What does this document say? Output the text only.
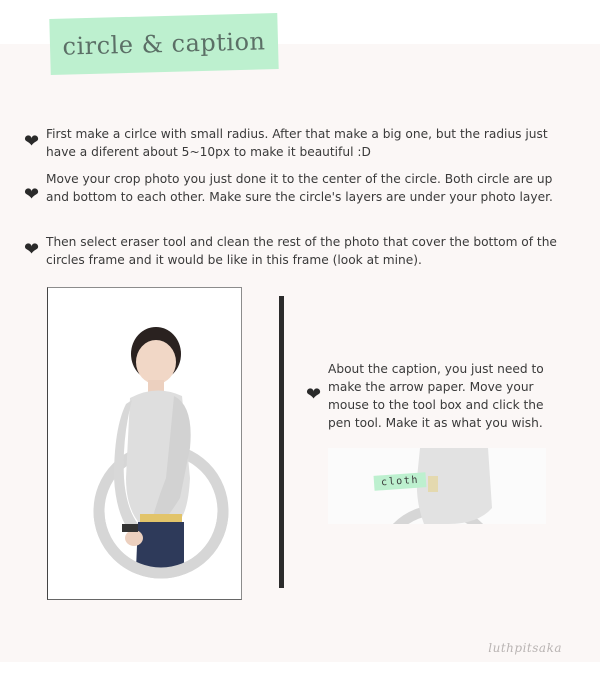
circle & caption
❤ First make a cirlce with small radius. After that make a big one, but the radius just have a diferent about 5~10px to make it beautiful :D
❤
Move your crop photo you just done it to the center of the circle. Both circle are up and bottom to each other. Make sure the circle's layers are under your photo layer.
❤ Then select eraser tool and clean the rest of the photo that cover the bottom of the circles frame and it would be like in this frame (look at mine).
❤
About the caption, you just need to make the arrow paper. Move your mouse to the tool box and click the pen tool. Make it as what you wish.
cloth
luthpitsaka
